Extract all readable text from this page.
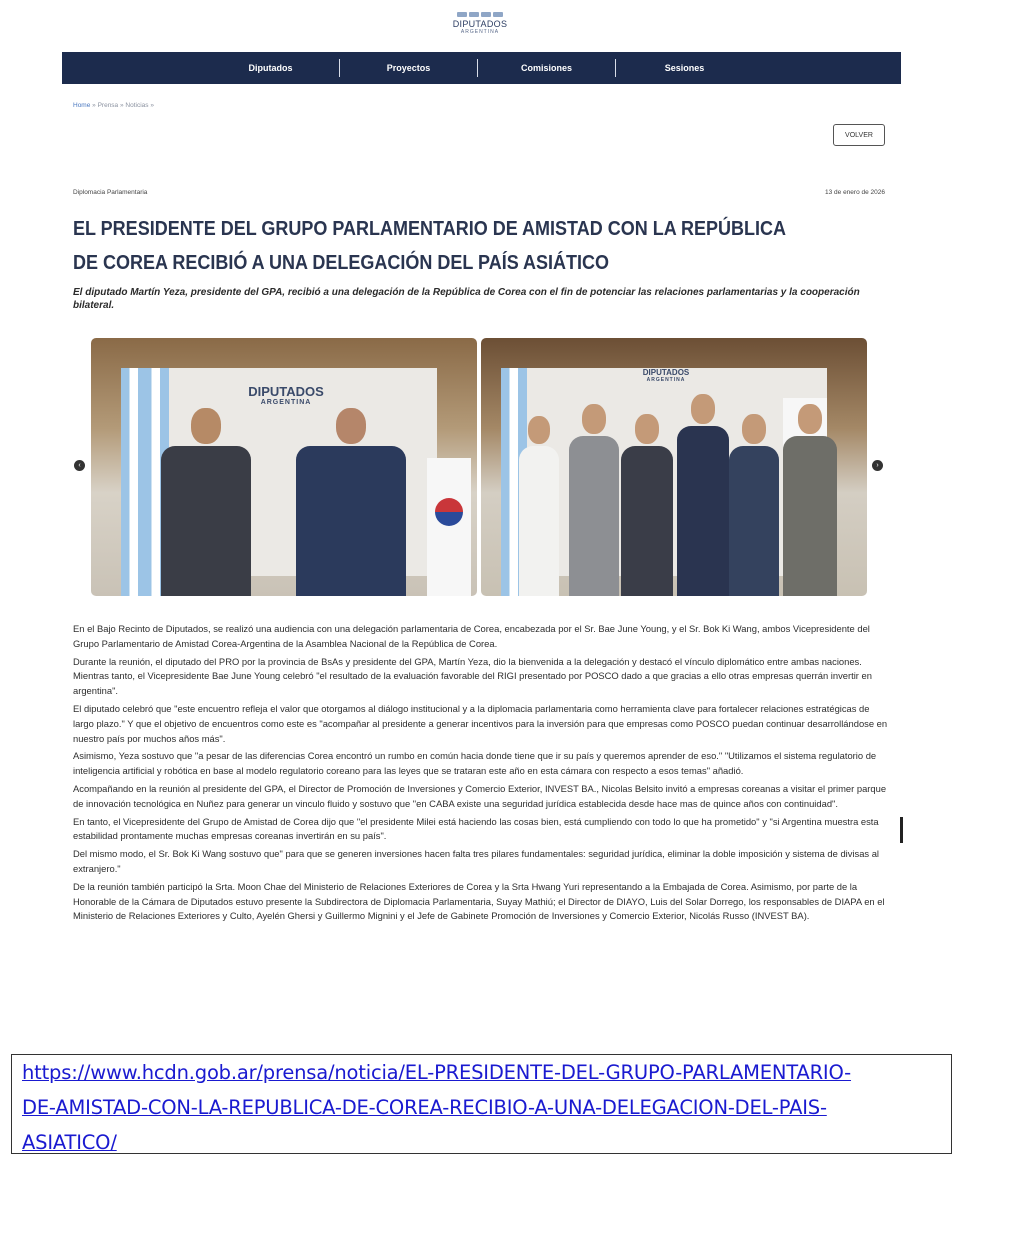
DIPUTADOS
ARGENTINA
Diputados	Proyectos	Comisiones	Sesiones
Home » Prensa » Noticias »
VOLVER
Diplomacia Parlamentaria	13 de enero de 2026
EL PRESIDENTE DEL GRUPO PARLAMENTARIO DE AMISTAD CON LA REPÚBLICA DE COREA RECIBIÓ A UNA DELEGACIÓN DEL PAÍS ASIÁTICO

El diputado Martín Yeza, presidente del GPA, recibió a una delegación de la República de Corea con el fin de potenciar las relaciones parlamentarias y la cooperación bilateral.

‹
DIPUTADOS
ARGENTINA
DIPUTADOS
ARGENTINA
›

En el Bajo Recinto de Diputados, se realizó una audiencia con una delegación parlamentaria de Corea, encabezada por el Sr. Bae June Young, y el Sr. Bok Ki Wang, ambos Vicepresidente del Grupo Parlamentario de Amistad Corea-Argentina de la Asamblea Nacional de la República de Corea.

Durante la reunión, el diputado del PRO por la provincia de BsAs y presidente del GPA, Martín Yeza, dio la bienvenida a la delegación y destacó el vínculo diplomático entre ambas naciones. Mientras tanto, el Vicepresidente Bae June Young celebró "el resultado de la evaluación favorable del RIGI presentado por POSCO dado a que gracias a ello otras empresas querrán invertir en argentina".

El diputado celebró que "este encuentro refleja el valor que otorgamos al diálogo institucional y a la diplomacia parlamentaria como herramienta clave para fortalecer relaciones estratégicas de largo plazo." Y que el objetivo de encuentros como este es "acompañar al presidente a generar incentivos para la inversión para que empresas como POSCO puedan continuar desarrollándose en nuestro país por muchos años más".

Asimismo, Yeza sostuvo que "a pesar de las diferencias Corea encontró un rumbo en común hacia donde tiene que ir su país y queremos aprender de eso." "Utilizamos el sistema regulatorio de inteligencia artificial y robótica en base al modelo regulatorio coreano para las leyes que se trataran este año en esta cámara con respecto a esos temas" añadió.

Acompañando en la reunión al presidente del GPA, el Director de Promoción de Inversiones y Comercio Exterior, INVEST BA., Nicolas Belsito invitó a empresas coreanas a visitar el primer parque de innovación tecnológica en Nuñez para generar un vinculo fluido y sostuvo que "en CABA existe una seguridad jurídica establecida desde hace mas de quince años con continuidad".

En tanto, el Vicepresidente del Grupo de Amistad de Corea dijo que "el presidente Milei está haciendo las cosas bien, está cumpliendo con todo lo que ha prometido" y "si Argentina muestra esta estabilidad prontamente muchas empresas coreanas invertirán en su país".

Del mismo modo, el Sr. Bok Ki Wang sostuvo que" para que se generen inversiones hacen falta tres pilares fundamentales: seguridad jurídica, eliminar la doble imposición y sistema de divisas al extranjero."

De la reunión también participó la Srta. Moon Chae del Ministerio de Relaciones Exteriores de Corea y la Srta Hwang Yuri representando a la Embajada de Corea. Asimismo, por parte de la Honorable de la Cámara de Diputados estuvo presente la Subdirectora de Diplomacia Parlamentaria, Suyay Mathiú; el Director de DIAYO, Luis del Solar Dorrego, los responsables de DIAPA en el Ministerio de Relaciones Exteriores y Culto, Ayelén Ghersi y Guillermo Mignini y el Jefe de Gabinete Promoción de Inversiones y Comercio Exterior, Nicolás Russo (INVEST BA).

https://www.hcdn.gob.ar/prensa/noticia/EL-PRESIDENTE-DEL-GRUPO-PARLAMENTARIO-
DE-AMISTAD-CON-LA-REPUBLICA-DE-COREA-RECIBIO-A-UNA-DELEGACION-DEL-PAIS-
ASIATICO/
